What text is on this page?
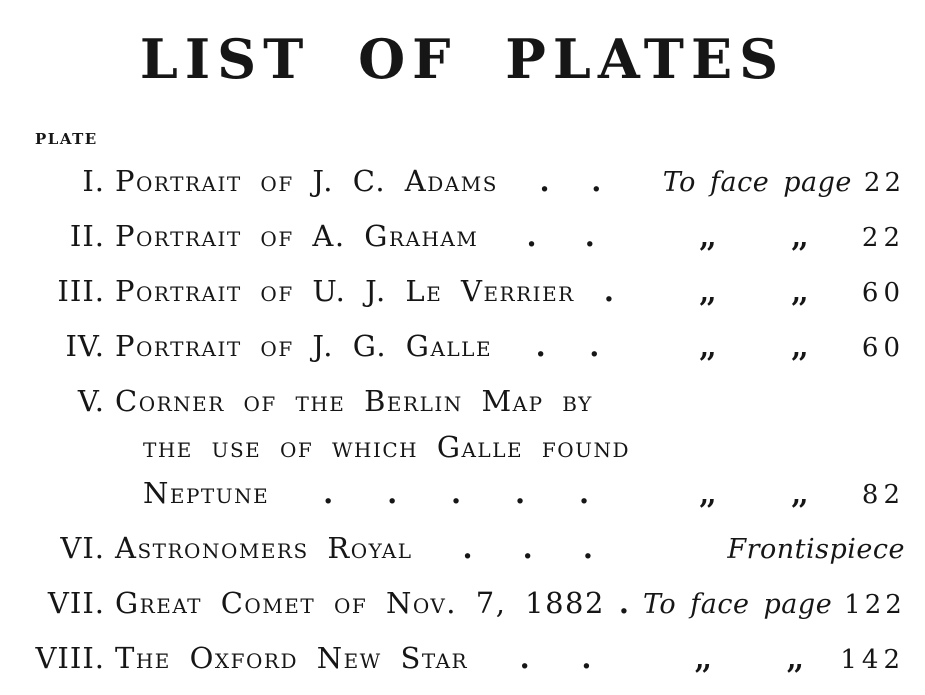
LIST OF PLATES
PLATE
I. Portrait of J. C. Adams . . To face page 22
II. Portrait of A. Graham . .	,,	,,	22
III. Portrait of U. J. Le Verrier .	,,	,,	60
IV. Portrait of J. G. Galle . .	,,	,,	60
V. Corner of the Berlin Map by
the use of which Galle found
Neptune . . . . .	,,	,,	82
VI. Astronomers Royal . . .	Frontispiece
VII. Great Comet of Nov. 7, 1882 . To face page 122
VIII. The Oxford New Star . .	,,	,,	142
